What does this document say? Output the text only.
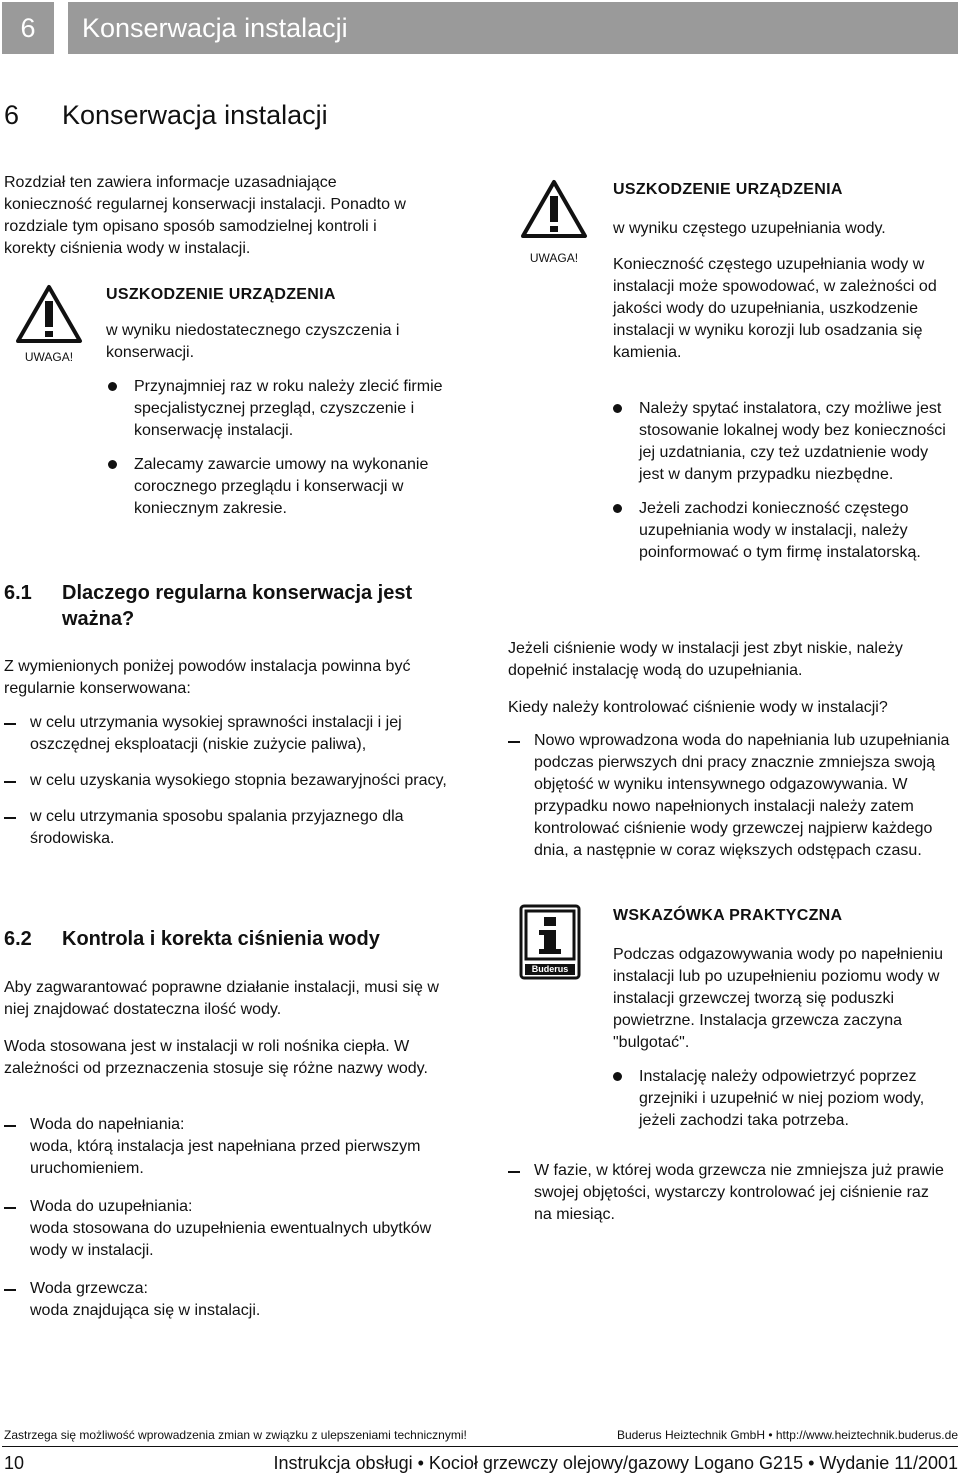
6	Konserwacja instalacji
6 Konserwacja instalacji

Rozdział ten zawiera informacje uzasadniające konieczność regularnej konserwacji instalacji. Ponadto w rozdziale tym opisano sposób samodzielnej kontroli i korekty ciśnienia wody w instalacji.

UWAGA!
USZKODZENIE URZĄDZENIA

w wyniku niedostatecznego czyszczenia i konserwacji.

Przynajmniej raz w roku należy zlecić firmie specjalistycznej przegląd, czyszczenie i konserwację instalacji.
Zalecamy zawarcie umowy na wykonanie corocznego przeglądu i konserwacji w koniecznym zakresie.
6.1 Dlaczego regularna konserwacja jest ważna?

Z wymienionych poniżej powodów instalacja powinna być regularnie konserwowana:

w celu utrzymania wysokiej sprawności instalacji i jej oszczędnej eksploatacji (niskie zużycie paliwa),
w celu uzyskania wysokiego stopnia bezawaryjności pracy,
w celu utrzymania sposobu spalania przyjaznego dla środowiska.
6.2 Kontrola i korekta ciśnienia wody

Aby zagwarantować poprawne działanie instalacji, musi się w niej znajdować dostateczna ilość wody.

Woda stosowana jest w instalacji w roli nośnika ciepła. W zależności od przeznaczenia stosuje się różne nazwy wody.

Woda do napełniania:
woda, którą instalacja jest napełniana przed pierwszym uruchomieniem.
Woda do uzupełniania:
woda stosowana do uzupełnienia ewentualnych ubytków wody w instalacji.
Woda grzewcza:
woda znajdująca się w instalacji.
UWAGA!
USZKODZENIE URZĄDZENIA

w wyniku częstego uzupełniania wody.

Konieczność częstego uzupełniania wody w instalacji może spowodować, w zależności od jakości wody do uzupełniania, uszkodzenie instalacji w wyniku korozji lub osadzania się kamienia.

Należy spytać instalatora, czy możliwe jest stosowanie lokalnej wody bez konieczności jej uzdatniania, czy też uzdatnienie wody jest w danym przypadku niezbędne.
Jeżeli zachodzi konieczność częstego uzupełniania wody w instalacji, należy poinformować o tym firmę instalatorską.

Jeżeli ciśnienie wody w instalacji jest zbyt niskie, należy dopełnić instalację wodą do uzupełniania.

Kiedy należy kontrolować ciśnienie wody w instalacji?

Nowo wprowadzona woda do napełniania lub uzupełniania podczas pierwszych dni pracy znacznie zmniejsza swoją objętość w wyniku intensywnego odgazowywania. W przypadku nowo napełnionych instalacji należy zatem kontrolować ciśnienie wody grzewczej najpierw każdego dnia, a następnie w coraz większych odstępach czasu.
Buderus
WSKAZÓWKA PRAKTYCZNA

Podczas odgazowywania wody po napełnieniu instalacji lub po uzupełnieniu poziomu wody w instalacji grzewczej tworzą się poduszki powietrzne. Instalacja grzewcza zaczyna "bulgotać".

Instalację należy odpowietrzyć poprzez grzejniki i uzupełnić w niej poziom wody, jeżeli zachodzi taka potrzeba.
W fazie, w której woda grzewcza nie zmniejsza już prawie swojej objętości, wystarczy kontrolować jej ciśnienie raz na miesiąc.
Zastrzega się możliwość wprowadzenia zmian w związku z ulepszeniami technicznymi!	Buderus Heiztechnik GmbH • http://www.heiztechnik.buderus.de
10	Instrukcja obsługi • Kocioł grzewczy olejowy/gazowy Logano G215 • Wydanie 11/2001
